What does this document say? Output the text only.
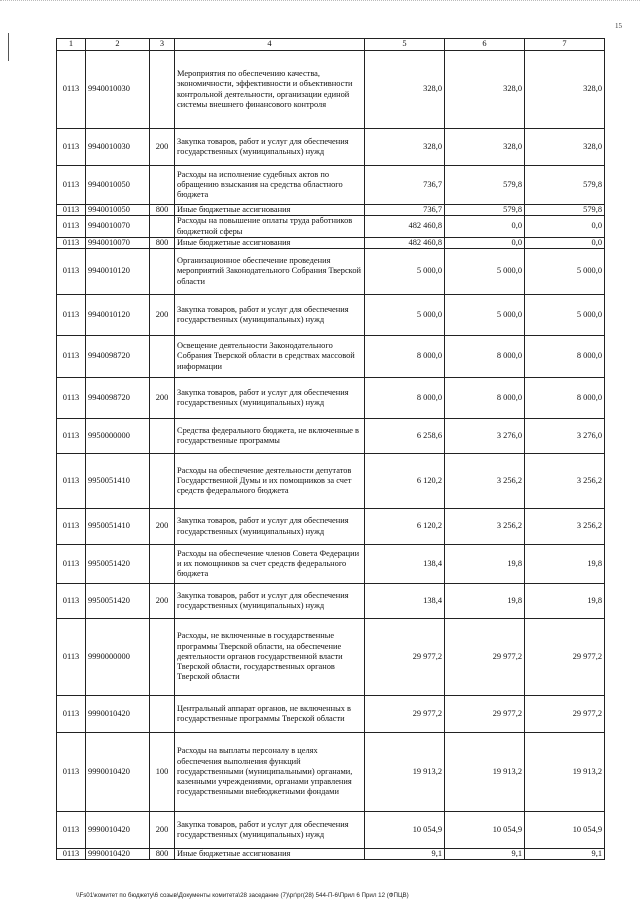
15
1	2	3	4	5	6	7
0113	9940010030		Мероприятия по обеспечению качества, экономичности, эффективности и объективности контрольной деятельности, организации единой системы внешнего финансового контроля	328,0	328,0	328,0
0113	9940010030	200	Закупка товаров, работ и услуг для обеспечения государственных (муниципальных) нужд	328,0	328,0	328,0
0113	9940010050		Расходы на исполнение судебных актов по обращению взыскания на средства областного бюджета	736,7	579,8	579,8
0113	9940010050	800	Иные бюджетные ассигнования	736,7	579,8	579,8
0113	9940010070		Расходы на повышение оплаты труда работников бюджетной сферы	482 460,8	0,0	0,0
0113	9940010070	800	Иные бюджетные ассигнования	482 460,8	0,0	0,0
0113	9940010120		Организационное обеспечение проведения мероприятий Законодательного Собрания Тверской области	5 000,0	5 000,0	5 000,0
0113	9940010120	200	Закупка товаров, работ и услуг для обеспечения государственных (муниципальных) нужд	5 000,0	5 000,0	5 000,0
0113	9940098720		Освещение деятельности Законодательного Собрания Тверской области в средствах массовой информации	8 000,0	8 000,0	8 000,0
0113	9940098720	200	Закупка товаров, работ и услуг для обеспечения государственных (муниципальных) нужд	8 000,0	8 000,0	8 000,0
0113	9950000000		Средства федерального бюджета, не включенные в государственные программы	6 258,6	3 276,0	3 276,0
0113	9950051410		Расходы на обеспечение деятельности депутатов Государственной Думы и их помощников за счет средств федерального бюджета	6 120,2	3 256,2	3 256,2
0113	9950051410	200	Закупка товаров, работ и услуг для обеспечения государственных (муниципальных) нужд	6 120,2	3 256,2	3 256,2
0113	9950051420		Расходы на обеспечение членов Совета Федерации и их помощников за счет средств федерального бюджета	138,4	19,8	19,8
0113	9950051420	200	Закупка товаров, работ и услуг для обеспечения государственных (муниципальных) нужд	138,4	19,8	19,8
0113	9990000000		Расходы, не включенные в государственные программы Тверской области, на обеспечение деятельности органов государственной власти Тверской области, государственных органов Тверской области	29 977,2	29 977,2	29 977,2
0113	9990010420		Центральный аппарат органов, не включенных в государственные программы Тверской области	29 977,2	29 977,2	29 977,2
0113	9990010420	100	Расходы на выплаты персоналу в целях обеспечения выполнения функций государственными (муниципальными) органами, казенными учреждениями, органами управления государственными внебюджетными фондами	19 913,2	19 913,2	19 913,2
0113	9990010420	200	Закупка товаров, работ и услуг для обеспечения государственных (муниципальных) нужд	10 054,9	10 054,9	10 054,9
0113	9990010420	800	Иные бюджетные ассигнования	9,1	9,1	9,1
\\Fs01\комитет по бюджету\6 созыв\Документы комитета\28 заседание (7)\рг\рг(28) 544-П-6\Прил 6 Прил 12 (ФПЦВ)
